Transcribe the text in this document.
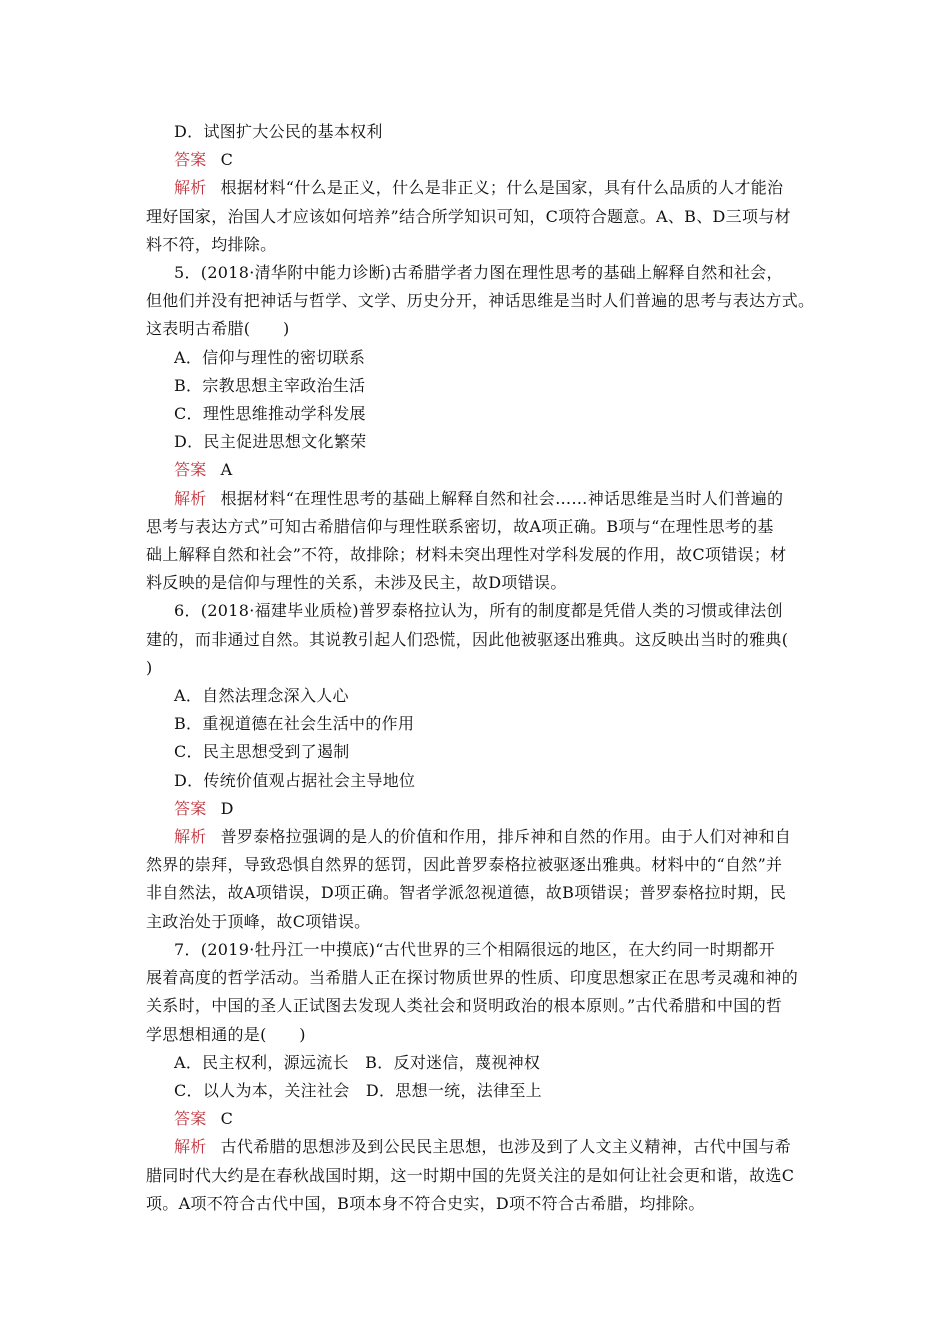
D．试图扩大公民的基本权利
答案 C
解析 根据材料“什么是正义，什么是非正义；什么是国家，具有什么品质的人才能治
理好国家，治国人才应该如何培养”结合所学知识可知，C项符合题意。A、B、D三项与材
料不符，均排除。
5．(2018·清华附中能力诊断)古希腊学者力图在理性思考的基础上解释自然和社会，
但他们并没有把神话与哲学、文学、历史分开，神话思维是当时人们普遍的思考与表达方式。
这表明古希腊(　　)
A．信仰与理性的密切联系
B．宗教思想主宰政治生活
C．理性思维推动学科发展
D．民主促进思想文化繁荣
答案 A
解析 根据材料“在理性思考的基础上解释自然和社会……神话思维是当时人们普遍的
思考与表达方式”可知古希腊信仰与理性联系密切，故A项正确。B项与“在理性思考的基
础上解释自然和社会”不符，故排除；材料未突出理性对学科发展的作用，故C项错误；材
料反映的是信仰与理性的关系，未涉及民主，故D项错误。
6．(2018·福建毕业质检)普罗泰格拉认为，所有的制度都是凭借人类的习惯或律法创
建的，而非通过自然。其说教引起人们恐慌，因此他被驱逐出雅典。这反映出当时的雅典(
)
A．自然法理念深入人心
B．重视道德在社会生活中的作用
C．民主思想受到了遏制
D．传统价值观占据社会主导地位
答案 D
解析 普罗泰格拉强调的是人的价值和作用，排斥神和自然的作用。由于人们对神和自
然界的崇拜，导致恐惧自然界的惩罚，因此普罗泰格拉被驱逐出雅典。材料中的“自然”并
非自然法，故A项错误，D项正确。智者学派忽视道德，故B项错误；普罗泰格拉时期，民
主政治处于顶峰，故C项错误。
7．(2019·牡丹江一中摸底)“古代世界的三个相隔很远的地区，在大约同一时期都开
展着高度的哲学活动。当希腊人正在探讨物质世界的性质、印度思想家正在思考灵魂和神的
关系时，中国的圣人正试图去发现人类社会和贤明政治的根本原则。”古代希腊和中国的哲
学思想相通的是(　　)
A．民主权利，源远流长　B．反对迷信，蔑视神权
C．以人为本，关注社会　D．思想一统，法律至上
答案 C
解析 古代希腊的思想涉及到公民民主思想，也涉及到了人文主义精神，古代中国与希
腊同时代大约是在春秋战国时期，这一时期中国的先贤关注的是如何让社会更和谐，故选C
项。A项不符合古代中国，B项本身不符合史实，D项不符合古希腊，均排除。
